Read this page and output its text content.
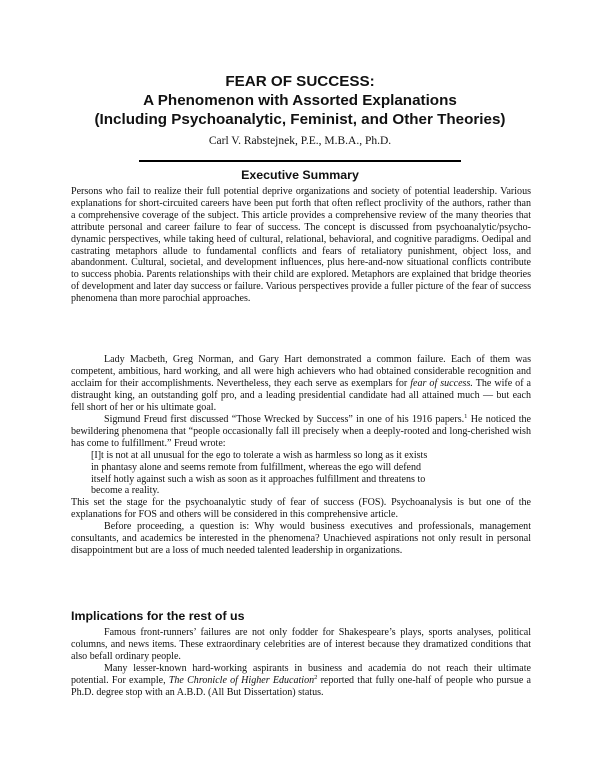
FEAR OF SUCCESS:
A Phenomenon with Assorted Explanations
(Including Psychoanalytic, Feminist, and Other Theories)
Carl V. Rabstejnek, P.E., M.B.A., Ph.D.
Executive Summary

Persons who fail to realize their full potential deprive organizations and society of potential leadership. Various explanations for short-circuited careers have been put forth that often reflect proclivity of the authors, rather than a comprehensive coverage of the subject. This article provides a comprehensive review of the many theories that attribute personal and career failure to fear of success. The concept is discussed from psychoanalytic/psycho-dynamic perspectives, while taking heed of cultural, relational, behavioral, and cognitive paradigms. Oedipal and castrating metaphors allude to fundamental conflicts and fears of retaliatory punishment, object loss, and abandonment. Cultural, societal, and development influences, plus here-and-now situational conflicts contribute to success phobia. Parents relationships with their child are explored. Metaphors are explained that bridge theories of development and later day success or failure. Various perspectives provide a fuller picture of the fear of success phenomena than more parochial approaches.

Lady Macbeth, Greg Norman, and Gary Hart demonstrated a common failure. Each of them was competent, ambitious, hard working, and all were high achievers who had obtained considerable recognition and acclaim for their accomplishments. Nevertheless, they each serve as exemplars for fear of success. The wife of a distraught king, an outstanding golf pro, and a leading presidential candidate had all attained much — but each fell short of her or his ultimate goal.

Sigmund Freud first discussed “Those Wrecked by Success” in one of his 1916 papers.$^1$ He noticed the bewildering phenomena that “people occasionally fall ill precisely when a deeply-rooted and long-cherished wish has come to fulfillment.” Freud wrote:

[I]t is not at all unusual for the ego to tolerate a wish as harmless so long as it exists
in phantasy alone and seems remote from fulfillment, whereas the ego will defend
itself hotly against such a wish as soon as it approaches fulfillment and threatens to
become a reality.

This set the stage for the psychoanalytic study of fear of success (FOS). Psychoanalysis is but one of the explanations for FOS and others will be considered in this comprehensive article.

Before proceeding, a question is: Why would business executives and professionals, management consultants, and academics be interested in the phenomena? Unachieved aspirations not only result in personal disappointment but are a loss of much needed talented leadership in organizations.

Implications for the rest of us

Famous front-runners’ failures are not only fodder for Shakespeare’s plays, sports analyses, political columns, and news items. These extraordinary celebrities are of interest because they dramatized conditions that also befall ordinary people.

Many lesser-known hard-working aspirants in business and academia do not reach their ultimate potential. For example, The Chronicle of Higher Education$^2$ reported that fully one-half of people who pursue a Ph.D. degree stop with an A.B.D. (All But Dissertation) status.
